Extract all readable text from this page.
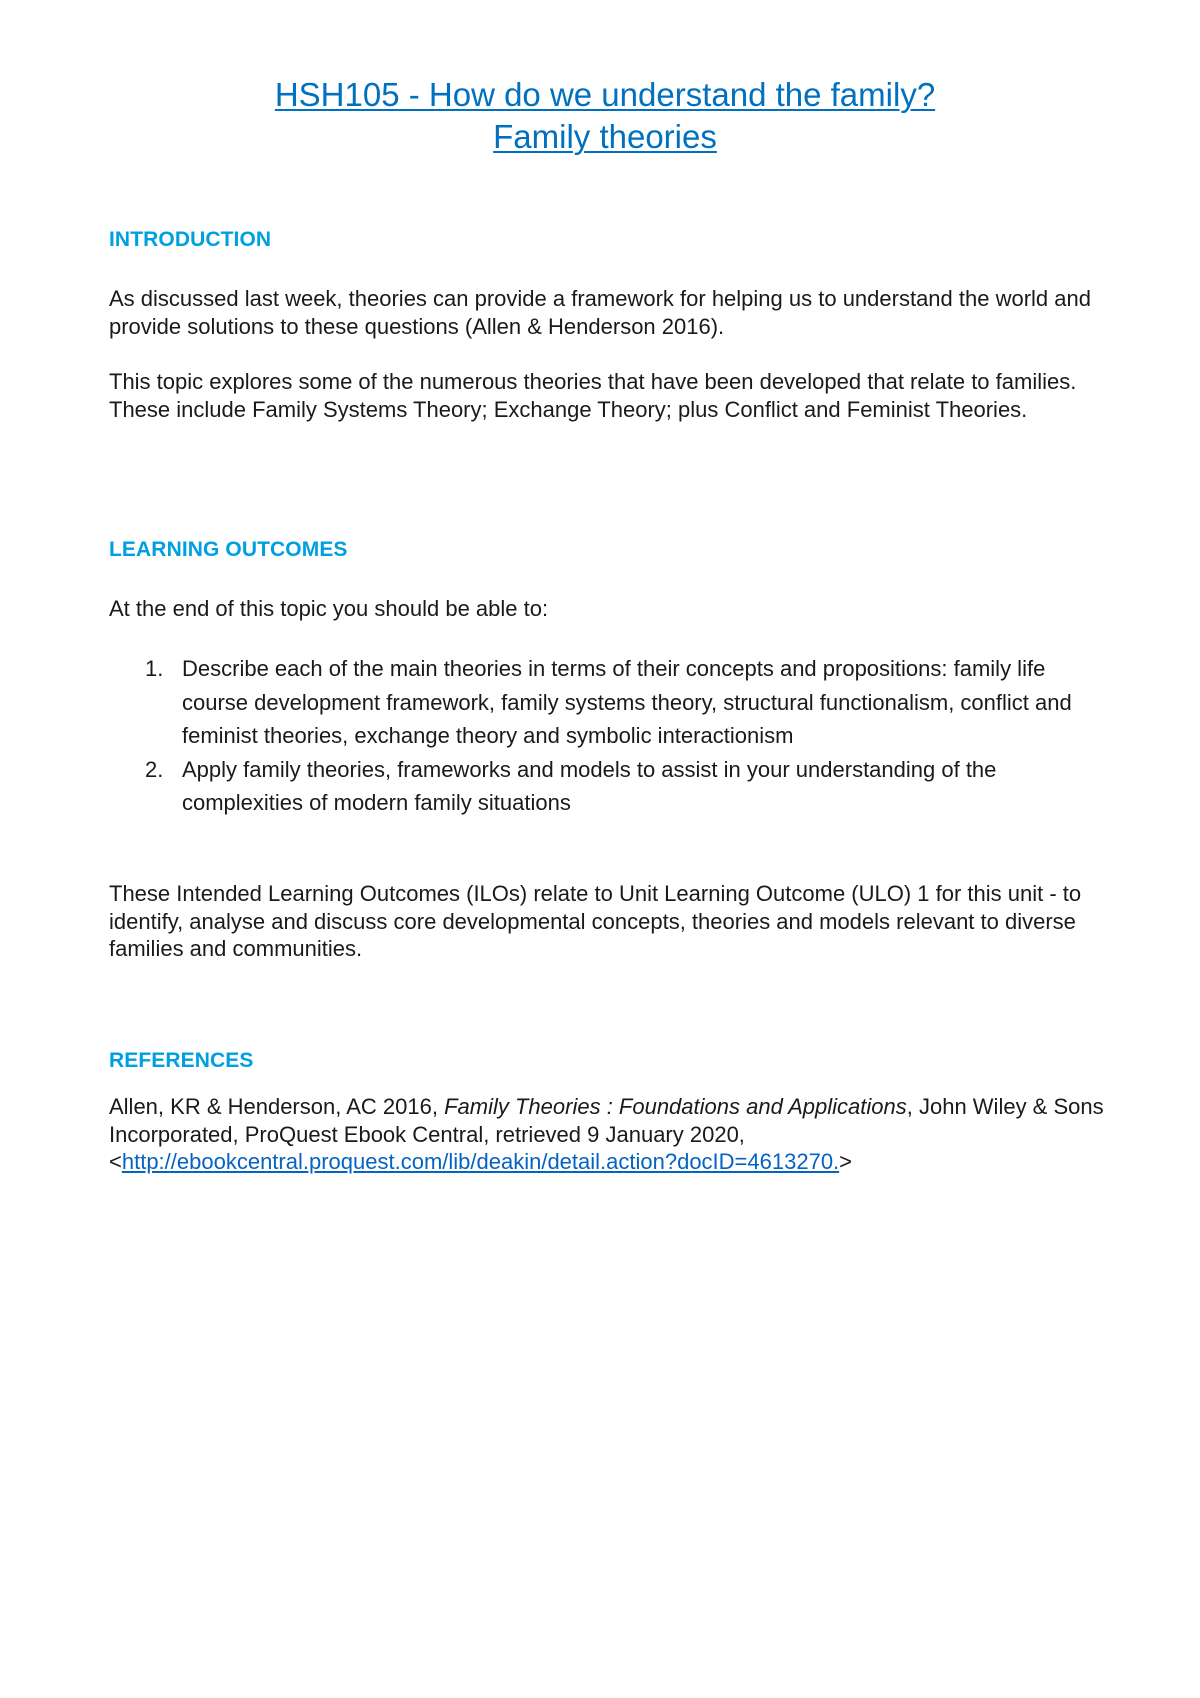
HSH105 - How do we understand the family?
Family theories
INTRODUCTION

As discussed last week, theories can provide a framework for helping us to understand the world and provide solutions to these questions (Allen & Henderson 2016).

This topic explores some of the numerous theories that have been developed that relate to families. These include Family Systems Theory; Exchange Theory; plus Conflict and Feminist Theories.

LEARNING OUTCOMES

At the end of this topic you should be able to:

1. Describe each of the main theories in terms of their concepts and propositions: family life course development framework, family systems theory, structural functionalism, conflict and feminist theories, exchange theory and symbolic interactionism
2. Apply family theories, frameworks and models to assist in your understanding of the complexities of modern family situations

These Intended Learning Outcomes (ILOs) relate to Unit Learning Outcome (ULO) 1 for this unit - to identify, analyse and discuss core developmental concepts, theories and models relevant to diverse families and communities.

REFERENCES

Allen, KR & Henderson, AC 2016, Family Theories : Foundations and Applications, John Wiley & Sons Incorporated, ProQuest Ebook Central, retrieved 9 January 2020, <http://ebookcentral.proquest.com/lib/deakin/detail.action?docID=4613270.>
